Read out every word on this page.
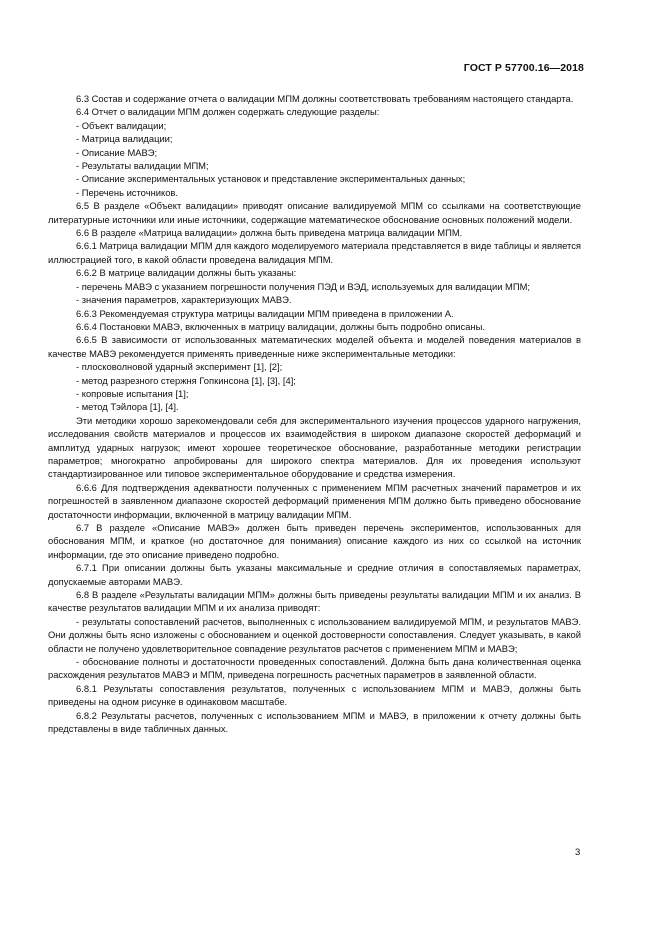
ГОСТ Р 57700.16—2018

6.3 Состав и содержание отчета о валидации МПМ должны соответствовать требованиям настоящего стандарта.

6.4 Отчет о валидации МПМ должен содержать следующие разделы:

- Объект валидации;

- Матрица валидации;

- Описание МАВЭ;

- Результаты валидации МПМ;

- Описание экспериментальных установок и представление экспериментальных данных;

- Перечень источников.

6.5 В разделе «Объект валидации» приводят описание валидируемой МПМ со ссылками на соответствующие литературные источники или иные источники, содержащие математическое обоснование основных положений модели.

6.6 В разделе «Матрица валидации» должна быть приведена матрица валидации МПМ.

6.6.1 Матрица валидации МПМ для каждого моделируемого материала представляется в виде таблицы и является иллюстрацией того, в какой области проведена валидация МПМ.

6.6.2 В матрице валидации должны быть указаны:

- перечень МАВЭ с указанием погрешности получения ПЭД и ВЭД, используемых для валидации МПМ;

- значения параметров, характеризующих МАВЭ.

6.6.3 Рекомендуемая структура матрицы валидации МПМ приведена в приложении А.

6.6.4 Постановки МАВЭ, включенных в матрицу валидации, должны быть подробно описаны.

6.6.5 В зависимости от использованных математических моделей объекта и моделей поведения материалов в качестве МАВЭ рекомендуется применять приведенные ниже экспериментальные методики:

- плосковолновой ударный эксперимент [1], [2];

- метод разрезного стержня Гопкинсона [1], [3], [4];

- копровые испытания [1];

- метод Тэйлора [1], [4].

Эти методики хорошо зарекомендовали себя для экспериментального изучения процессов ударного нагружения, исследования свойств материалов и процессов их взаимодействия в широком диапазоне скоростей деформаций и амплитуд ударных нагрузок; имеют хорошее теоретическое обоснование, разработанные методики регистрации параметров; многократно апробированы для широкого спектра материалов. Для их проведения используют стандартизированное или типовое экспериментальное оборудование и средства измерения.

6.6.6 Для подтверждения адекватности полученных с применением МПМ расчетных значений параметров и их погрешностей в заявленном диапазоне скоростей деформаций применения МПМ должно быть приведено обоснование достаточности информации, включенной в матрицу валидации МПМ.

6.7 В разделе «Описание МАВЭ» должен быть приведен перечень экспериментов, использованных для обоснования МПМ, и краткое (но достаточное для понимания) описание каждого из них со ссылкой на источник информации, где это описание приведено подробно.

6.7.1 При описании должны быть указаны максимальные и средние отличия в сопоставляемых параметрах, допускаемые авторами МАВЭ.

6.8 В разделе «Результаты валидации МПМ» должны быть приведены результаты валидации МПМ и их анализ. В качестве результатов валидации МПМ и их анализа приводят:

- результаты сопоставлений расчетов, выполненных с использованием валидируемой МПМ, и результатов МАВЭ. Они должны быть ясно изложены с обоснованием и оценкой достоверности сопоставления. Следует указывать, в какой области не получено удовлетворительное совпадение результатов расчетов с применением МПМ и МАВЭ;

- обоснование полноты и достаточности проведенных сопоставлений. Должна быть дана количественная оценка расхождения результатов МАВЭ и МПМ, приведена погрешность расчетных параметров в заявленной области.

6.8.1 Результаты сопоставления результатов, полученных с использованием МПМ и МАВЭ, должны быть приведены на одном рисунке в одинаковом масштабе.

6.8.2 Результаты расчетов, полученных с использованием МПМ и МАВЭ, в приложении к отчету должны быть представлены в виде табличных данных.

3
